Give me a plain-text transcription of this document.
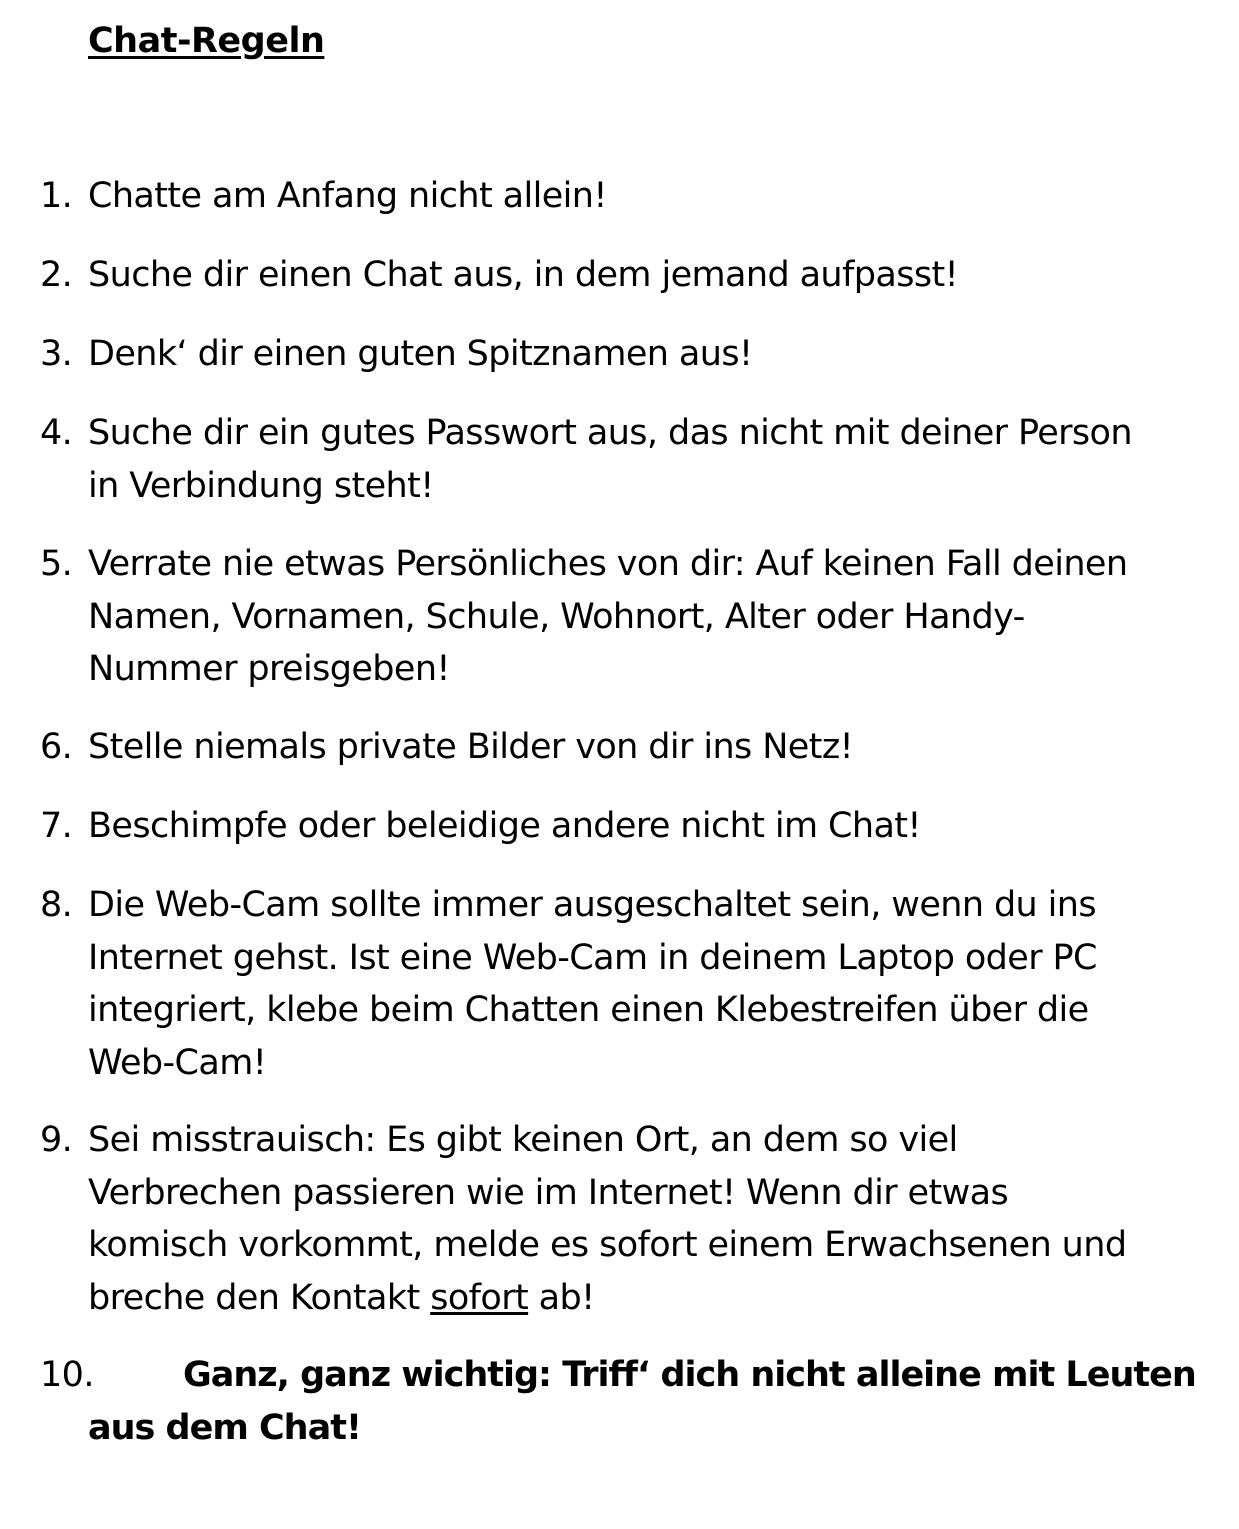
Chat-Regeln
1. Chatte am Anfang nicht allein!

2. Suche dir einen Chat aus, in dem jemand aufpasst!

3. Denk‘ dir einen guten Spitznamen aus!

4. Suche dir ein gutes Passwort aus, das nicht mit deiner Person
in Verbindung steht!
5. Verrate nie etwas Persönliches von dir: Auf keinen Fall deinen
Namen, Vornamen, Schule, Wohnort, Alter oder Handy-
Nummer preisgeben!
6. Stelle niemals private Bilder von dir ins Netz!

7. Beschimpfe oder beleidige andere nicht im Chat!

8. Die Web-Cam sollte immer ausgeschaltet sein, wenn du ins
Internet gehst. Ist eine Web-Cam in deinem Laptop oder PC
integriert, klebe beim Chatten einen Klebestreifen über die
Web-Cam!
9. Sei misstrauisch: Es gibt keinen Ort, an dem so viel
Verbrechen passieren wie im Internet! Wenn dir etwas
komisch vorkommt, melde es sofort einem Erwachsenen und
breche den Kontakt sofort ab!
10.	Ganz, ganz wichtig: Triff‘ dich nicht alleine mit Leuten
aus dem Chat!
